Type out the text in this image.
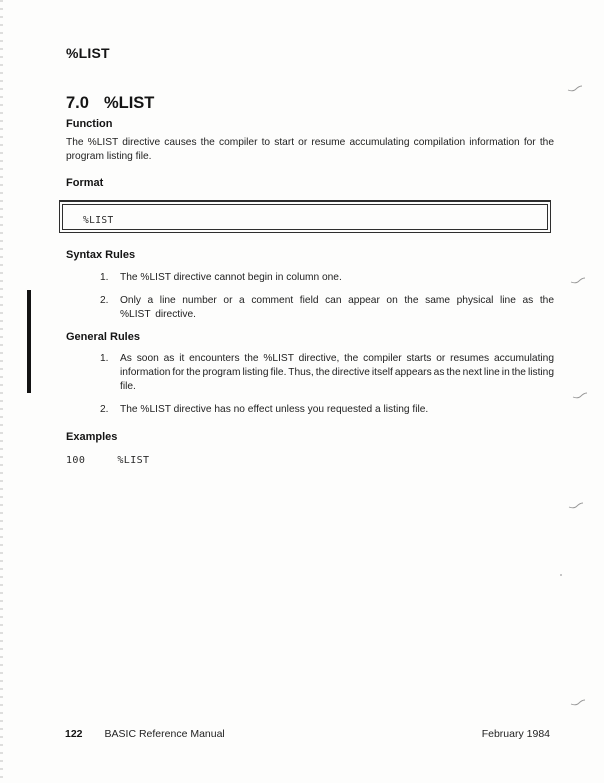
%LIST
7.0 %LIST
Function
The %LIST directive causes the compiler to start or resume accumulating compilation information for the program listing file.
Format
%LIST
Syntax Rules
1.	The %LIST directive cannot begin in column one.
2.	Only a line number or a comment field can appear on the same physical line as the %LIST directive.
General Rules
1.	As soon as it encounters the %LIST directive, the compiler starts or resumes accumulating information for the program listing file. Thus, the directive itself appears as the next line in the listing file.
2.	The %LIST directive has no effect unless you requested a listing file.
Examples
100     %LIST
122 BASIC Reference Manual	February 1984
